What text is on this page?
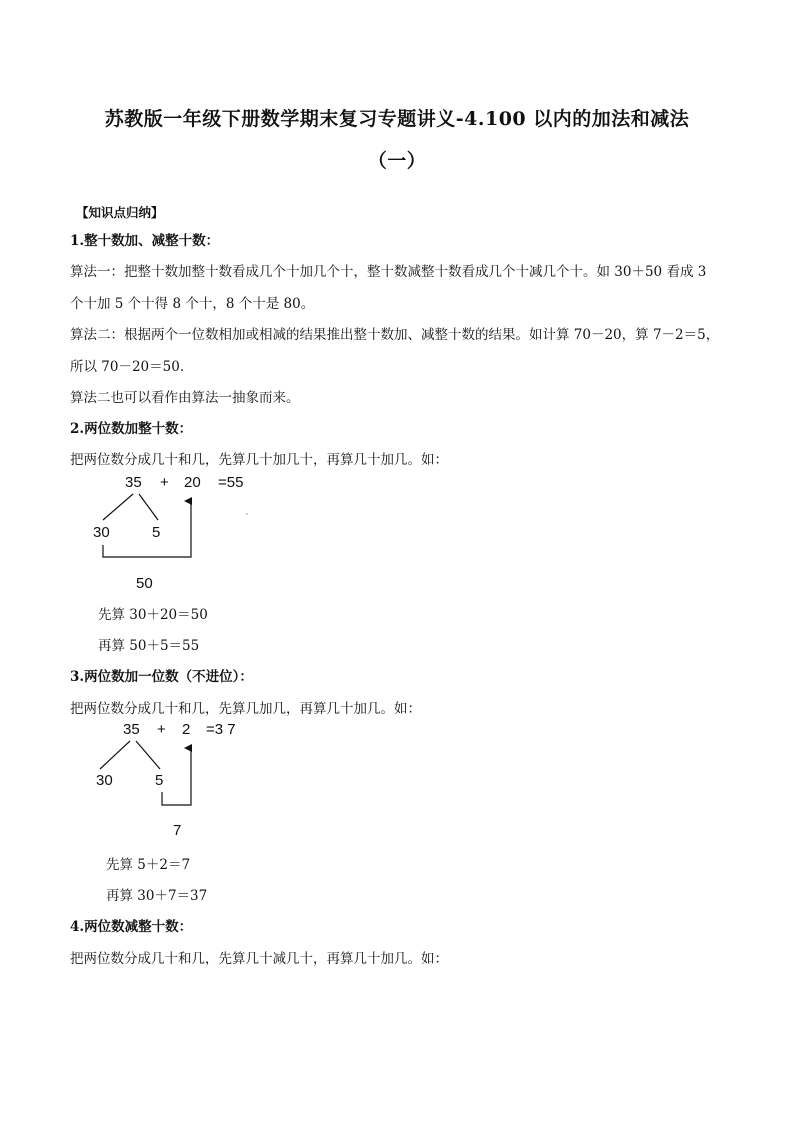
苏教版一年级下册数学期末复习专题讲义-4.100 以内的加法和减法
（一）
【知识点归纳】
1.整十数加、减整十数：
算法一：把整十数加整十数看成几个十加几个十，整十数减整十数看成几个十减几个十。如 30＋50 看成 3
个十加 5 个十得 8 个十，8 个十是 80。
算法二：根据两个一位数相加或相减的结果推出整十数加、减整十数的结果。如计算 70－20，算 7－2＝5，
所以 70－20＝50.
算法二也可以看作由算法一抽象而来。
2.两位数加整十数：
把两位数分成几十和几，先算几十加几十，再算几十加几。如：
35 + 20 =55
30	5
50
先算 30＋20＝50
再算 50＋5＝55
3.两位数加一位数（不进位）：
把两位数分成几十和几，先算几加几，再算几十加几。如：
35 + 2 =3 7
30	5
7
先算 5＋2＝7
再算 30＋7＝37
4.两位数减整十数：
把两位数分成几十和几，先算几十减几十，再算几十加几。如：
